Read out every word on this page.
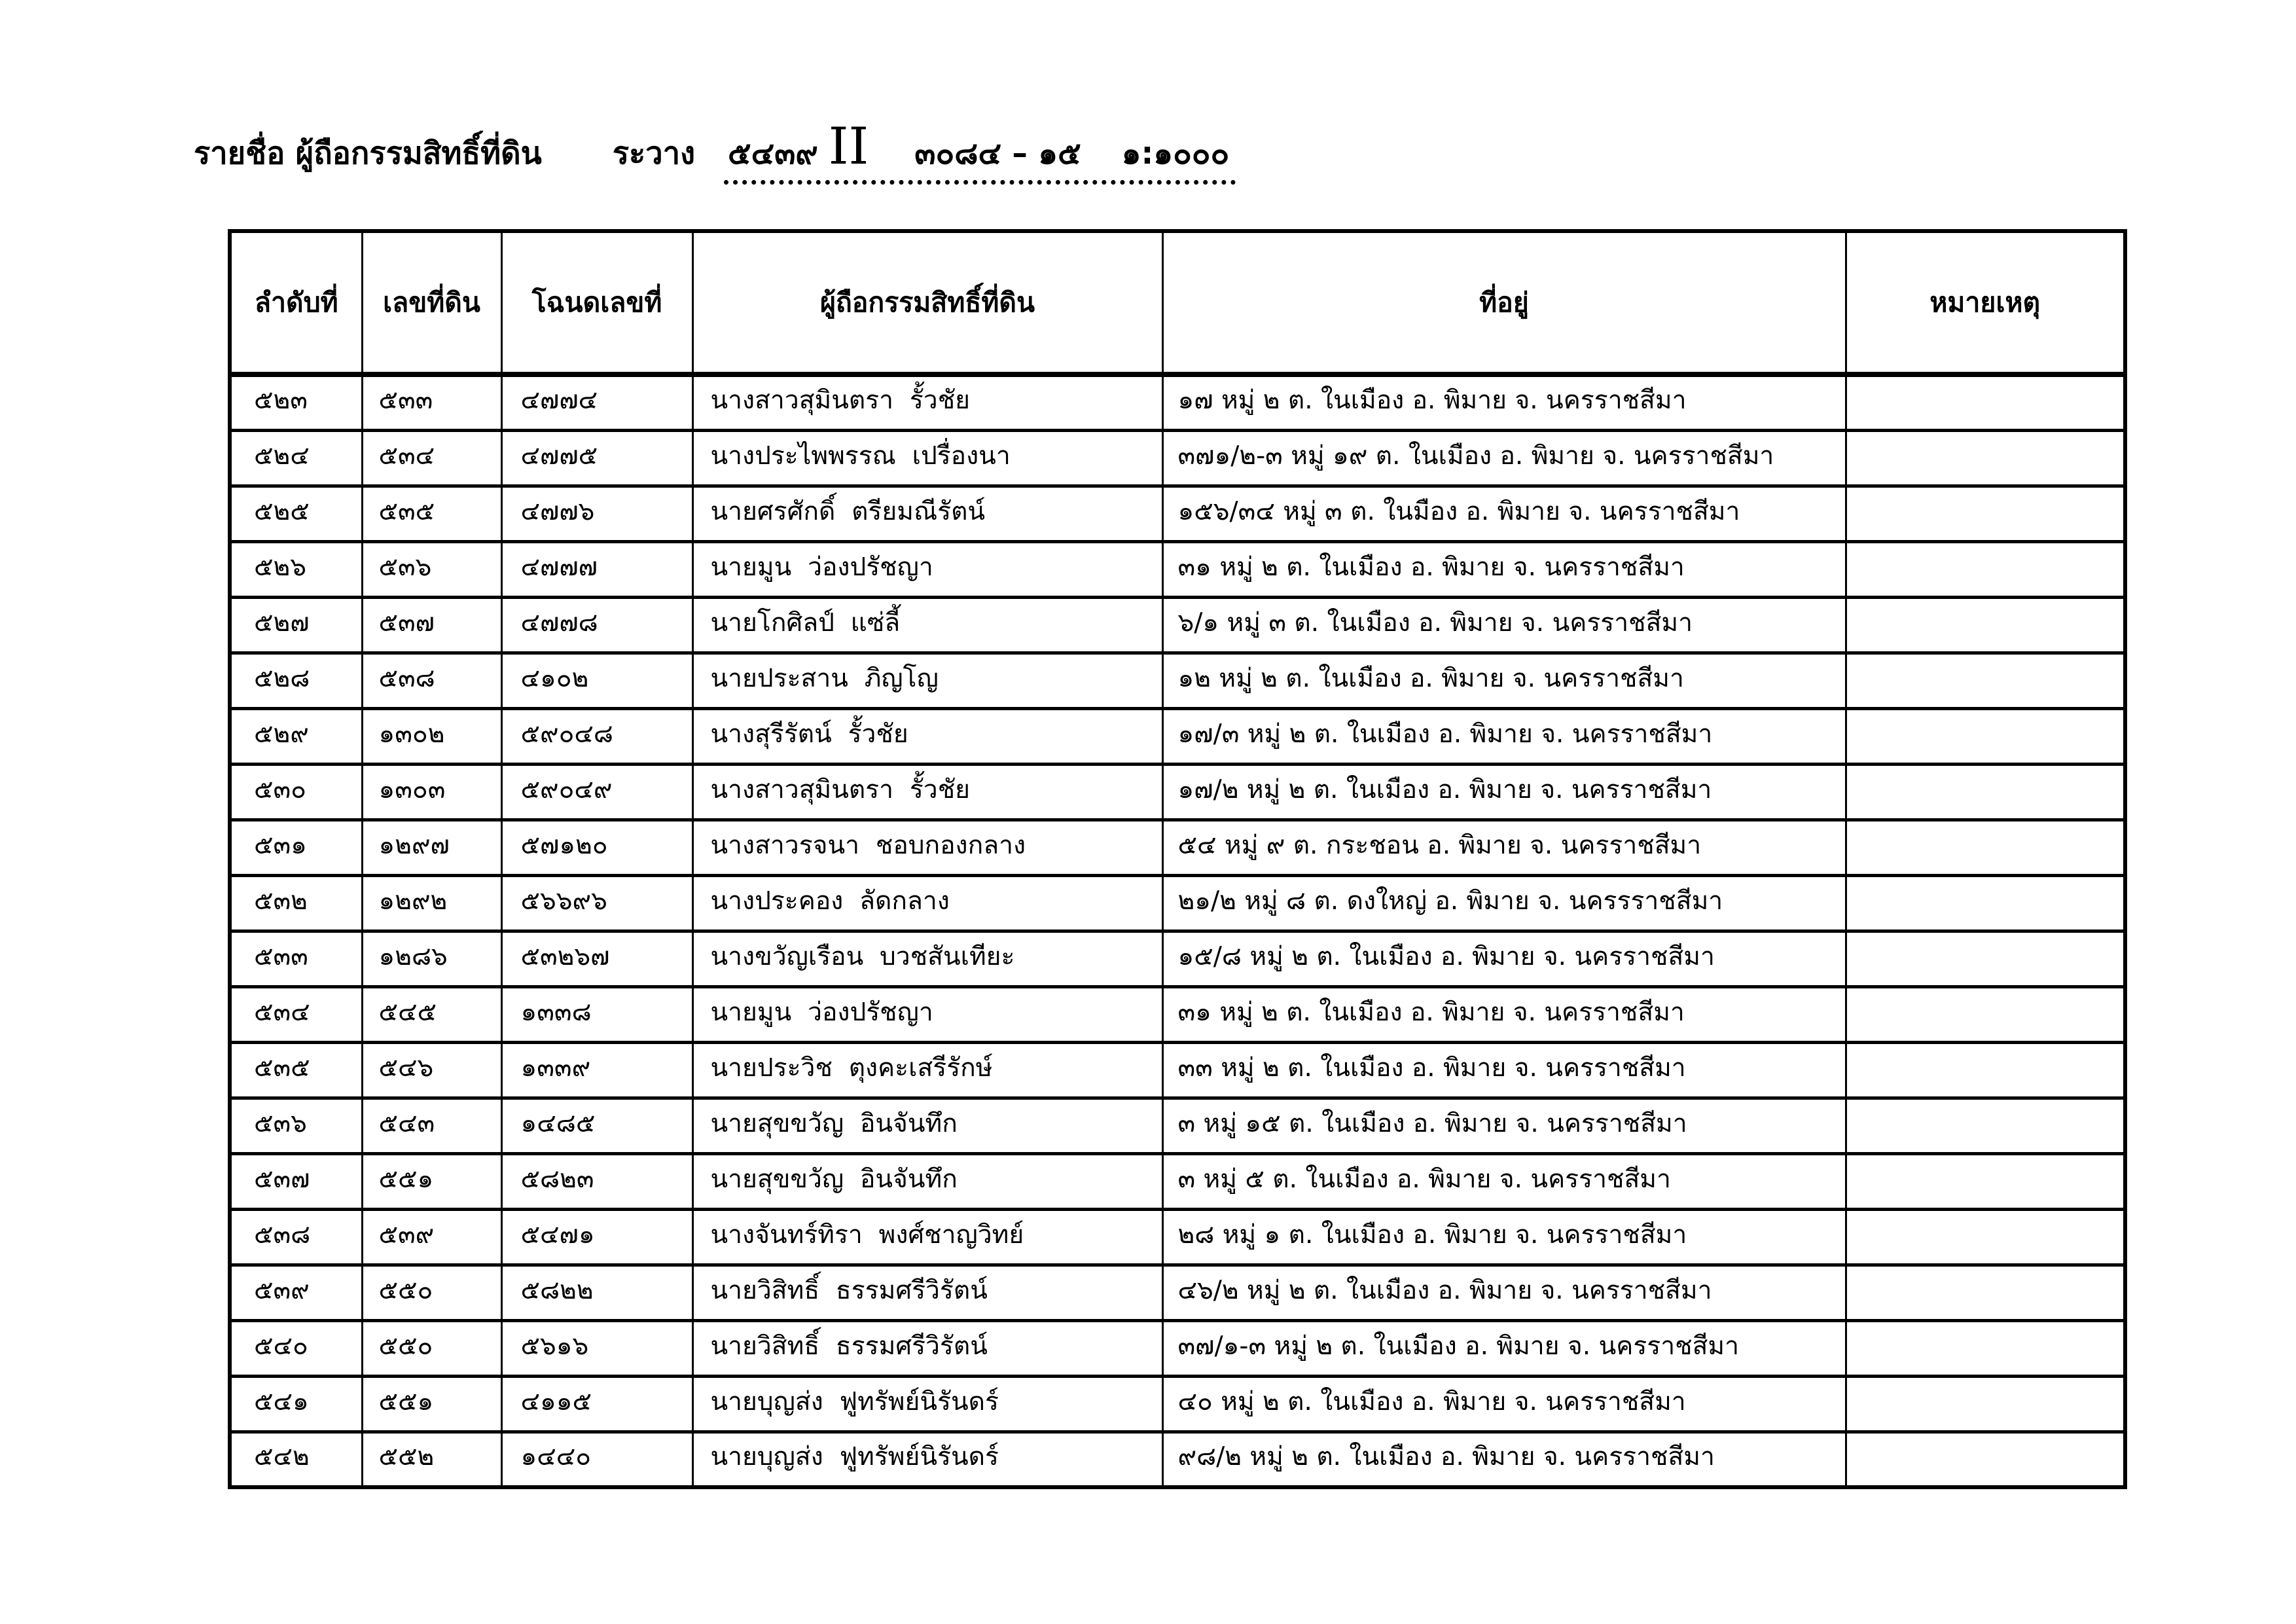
รายชื่อ ผู้ถือกรรมสิทธิ์ที่ดิน ระวาง ๕๔๓๙ II ๓๐๘๔ – ๑๕ ๑:๑๐๐๐
ลำดับที่	เลขที่ดิน	โฉนดเลขที่	ผู้ถือกรรมสิทธิ์ที่ดิน	ที่อยู่	หมายเหตุ
๕๒๓	๕๓๓	๔๗๗๔	นางสาวสุมินตรา  รั้วชัย	๑๗ หมู่ ๒ ต. ในเมือง อ. พิมาย จ. นครราชสีมา	
๕๒๔	๕๓๔	๔๗๗๕	นางประไพพรรณ  เปรื่องนา	๓๗๑/๒-๓ หมู่ ๑๙ ต. ในเมือง อ. พิมาย จ. นครราชสีมา	
๕๒๕	๕๓๕	๔๗๗๖	นายศรศักดิ์  ตรียมณีรัตน์	๑๕๖/๓๔ หมู่ ๓ ต. ในมือง อ. พิมาย จ. นครราชสีมา	
๕๒๖	๕๓๖	๔๗๗๗	นายมูน  ว่องปรัชญา	๓๑ หมู่ ๒ ต. ในเมือง อ. พิมาย จ. นครราชสีมา	
๕๒๗	๕๓๗	๔๗๗๘	นายโกศิลป์  แซ่ลี้	๖/๑ หมู่ ๓ ต. ในเมือง อ. พิมาย จ. นครราชสีมา	
๕๒๘	๕๓๘	๔๑๐๒	นายประสาน  ภิญโญ	๑๒ หมู่ ๒ ต. ในเมือง อ. พิมาย จ. นครราชสีมา	
๕๒๙	๑๓๐๒	๕๙๐๔๘	นางสุรีรัตน์  รั้วชัย	๑๗/๓ หมู่ ๒ ต. ในเมือง อ. พิมาย จ. นครราชสีมา	
๕๓๐	๑๓๐๓	๕๙๐๔๙	นางสาวสุมินตรา  รั้วชัย	๑๗/๒ หมู่ ๒ ต. ในเมือง อ. พิมาย จ. นครราชสีมา	
๕๓๑	๑๒๙๗	๕๗๑๒๐	นางสาวรจนา  ชอบกองกลาง	๕๔ หมู่ ๙ ต. กระชอน อ. พิมาย จ. นครราชสีมา	
๕๓๒	๑๒๙๒	๕๖๖๙๖	นางประคอง  ลัดกลาง	๒๑/๒ หมู่ ๘ ต. ดงใหญ่ อ. พิมาย จ. นครรราชสีมา	
๕๓๓	๑๒๘๖	๕๓๒๖๗	นางขวัญเรือน  บวชสันเทียะ	๑๕/๘ หมู่ ๒ ต. ในเมือง อ. พิมาย จ. นครราชสีมา	
๕๓๔	๕๔๕	๑๓๓๘	นายมูน  ว่องปรัชญา	๓๑ หมู่ ๒ ต. ในเมือง อ. พิมาย จ. นครราชสีมา	
๕๓๕	๕๔๖	๑๓๓๙	นายประวิช  ตุงคะเสรีรักษ์	๓๓ หมู่ ๒ ต. ในเมือง อ. พิมาย จ. นครราชสีมา	
๕๓๖	๕๔๓	๑๔๘๕	นายสุขขวัญ  อินจันทึก	๓ หมู่ ๑๕ ต. ในเมือง อ. พิมาย จ. นครราชสีมา	
๕๓๗	๕๕๑	๕๘๒๓	นายสุขขวัญ  อินจันทึก	๓ หมู่ ๕ ต. ในเมือง อ. พิมาย จ. นครราชสีมา	
๕๓๘	๕๓๙	๕๔๗๑	นางจันทร์ทิรา  พงศ์ชาญวิทย์	๒๘ หมู่ ๑ ต. ในเมือง อ. พิมาย จ. นครราชสีมา	
๕๓๙	๕๕๐	๕๘๒๒	นายวิสิทธิ์  ธรรมศรีวิรัตน์	๔๖/๒ หมู่ ๒ ต. ในเมือง อ. พิมาย จ. นครราชสีมา	
๕๔๐	๕๕๐	๕๖๑๖	นายวิสิทธิ์  ธรรมศรีวิรัตน์	๓๗/๑-๓ หมู่ ๒ ต. ในเมือง อ. พิมาย จ. นครราชสีมา	
๕๔๑	๕๕๑	๔๑๑๕	นายบุญส่ง  ฟูทรัพย์นิรันดร์	๔๐ หมู่ ๒ ต. ในเมือง อ. พิมาย จ. นครราชสีมา	
๕๔๒	๕๕๒	๑๔๔๐	นายบุญส่ง  ฟูทรัพย์นิรันดร์	๙๘/๒ หมู่ ๒ ต. ในเมือง อ. พิมาย จ. นครราชสีมา	
